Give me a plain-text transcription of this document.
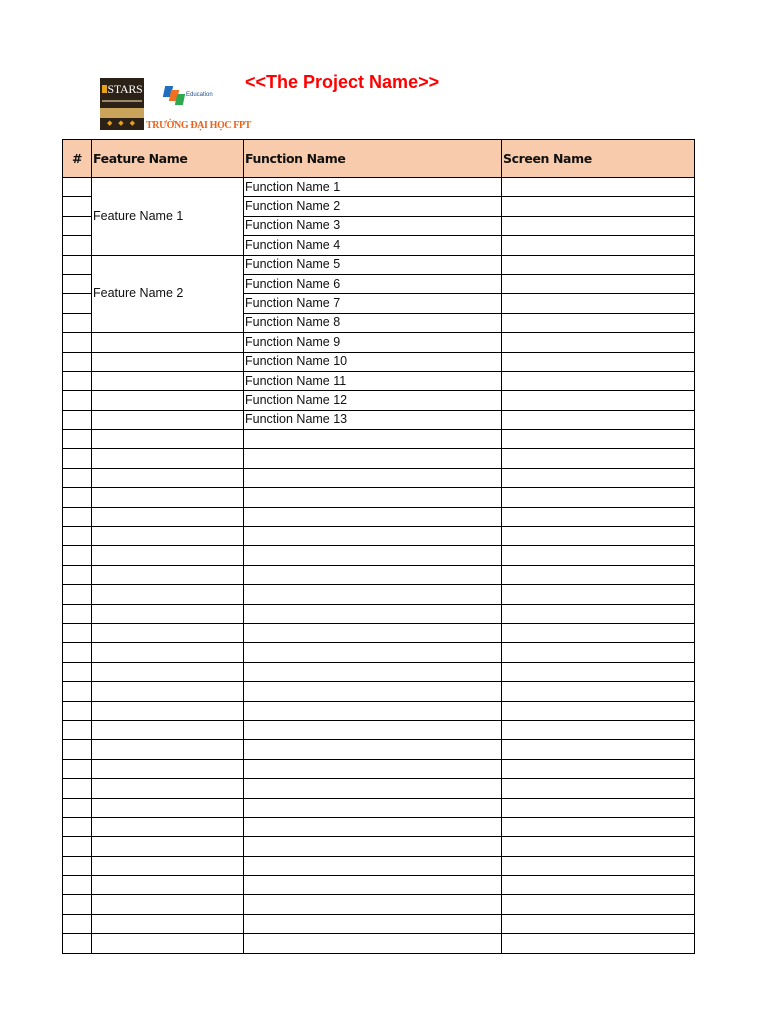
STARS
◆ ◆ ◆
Education
TRƯỜNG ĐẠI HỌC FPT
<<The Project Name>>
#	Feature Name	Function Name	Screen Name
	Feature Name 1	Function Name 1	
		Function Name 2	
		Function Name 3	
		Function Name 4	
	Feature Name 2	Function Name 5	
		Function Name 6	
		Function Name 7	
		Function Name 8	
		Function Name 9	
		Function Name 10	
		Function Name 11	
		Function Name 12	
		Function Name 13	
